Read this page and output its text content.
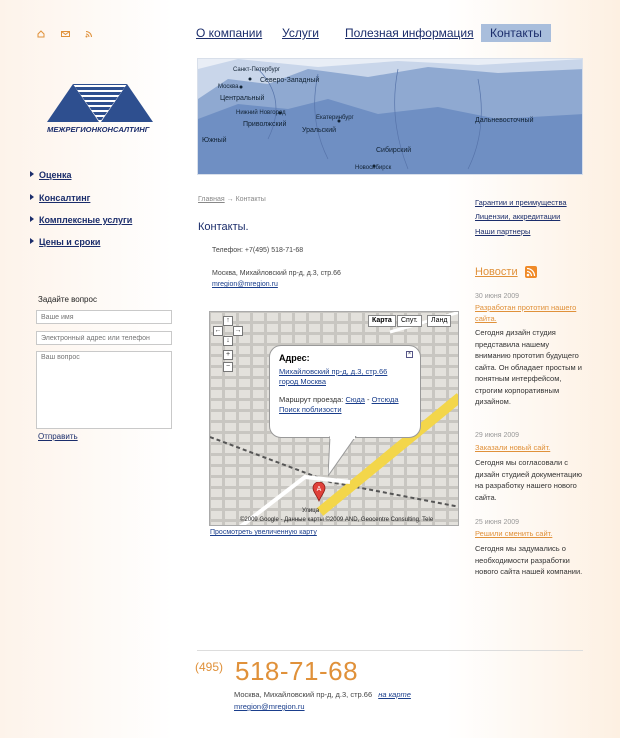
О компании Услуги Полезная информация	Контакты
МЕЖРЕГИОНКОНСАЛТИНГ
Санкт-Петербург
Северо-Западный
Москва
Центральный
Нижний Новгород
Екатеринбург
Приволжский
Уральский
Южный
Сибирский
Новосибирск
Дальневосточный
Оценка
Консалтинг
Комплексные услуги
Цены и сроки
Задайте вопрос
Ваше имя
Электронный адрес или телефон
Ваш вопрос
Отправить
Главная → Контакты
Контакты.
Телефон: +7(495) 518-71-68
Москва, Михайловский пр-д, д.3, стр.66
mregion@mregion.ru
Карта	Спут.	Ланд
↑
← →
↓
+
−
Адрес:	×
Михайловский пр-д, д.3, стр.66
город Москва
Маршрут проезда: Сюда - Отсюда
Поиск поблизости
A
Улица
©2009 Google - Данные карты ©2009 AND, Geocentre Consulting, Tele
Просмотреть увеличенную карту
Гарантии и преимущества
Лицензии, аккредитации
Наши партнеры
Новости
30 июня 2009
Разработан прототип нашего сайта.
Сегодня дизайн студия представила нашему вниманию прототип будущего сайта. Он обладает простым и понятным интерфейсом, строгим корпоративным дизайном.
29 июня 2009
Заказали новый сайт.
Сегодня мы согласовали с дизайн студией документацию на разработку нашего нового сайта.
25 июня 2009
Решили сменить сайт.
Сегодня мы задумались о необходимости разработки нового сайта нашей компании.
(495) 518-71-68
Москва, Михайловский пр-д, д.3, стр.66 на карте
mregion@mregion.ru
